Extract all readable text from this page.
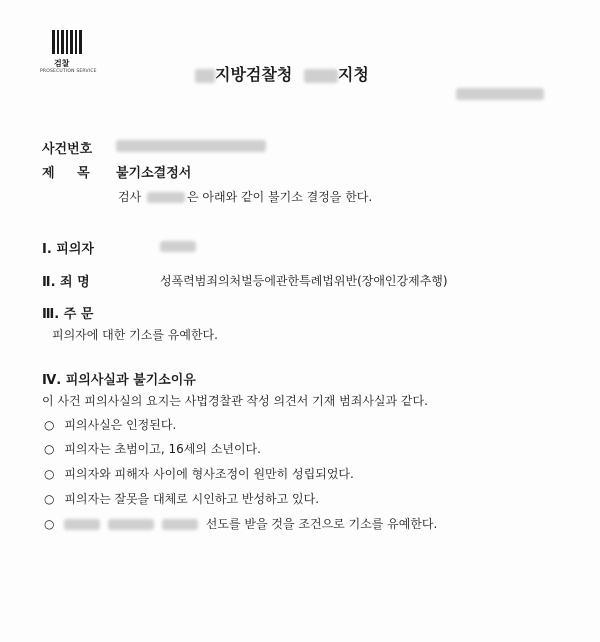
검찰
PROSECUTION SERVICE	지방검찰청	지청
사건번호
제 목 불기소결정서
검사	은 아래와 같이 불기소 결정을 한다.
Ⅰ. 피의자
Ⅱ. 죄 명	성폭력범죄의처벌등에관한특례법위반(장애인강제추행)
Ⅲ. 주 문
피의자에 대한 기소를 유예한다.
Ⅳ. 피의사실과 불기소이유
이 사건 피의사실의 요지는 사법경찰관 작성 의견서 기재 범죄사실과 같다.
○ 피의사실은 인정된다.
○ 피의자는 초범이고, 16세의 소년이다.
○ 피의자와 피해자 사이에 형사조정이 원만히 성립되었다.
○ 피의자는 잘못을 대체로 시인하고 반성하고 있다.
○	선도를 받을 것을 조건으로 기소를 유예한다.
